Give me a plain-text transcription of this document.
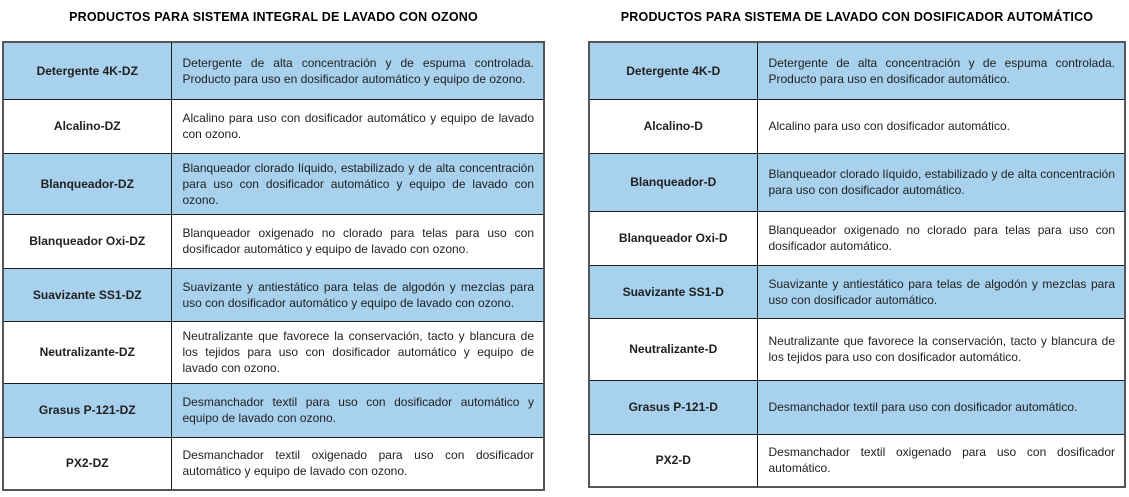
PRODUCTOS PARA SISTEMA INTEGRAL DE LAVADO CON OZONO
Detergente 4K-DZ	Detergente de alta concentración y de espuma controlada. Producto para uso en dosificador automático y equipo de ozono.
Alcalino-DZ	Alcalino para uso con dosificador automático y equipo de lavado con ozono.
Blanqueador-DZ	Blanqueador clorado líquido, estabilizado y de alta concentración para uso con dosificador automático y equipo de lavado con ozono.
Blanqueador Oxi-DZ	Blanqueador oxigenado no clorado para telas para uso con dosificador automático y equipo de lavado con ozono.
Suavizante SS1-DZ	Suavizante y antiestático para telas de algodón y mezclas para uso con dosificador automático y equipo de lavado con ozono.
Neutralizante-DZ	Neutralizante que favorece la conservación, tacto y blancura de los tejidos para uso con dosificador automático y equipo de lavado con ozono.
Grasus P-121-DZ	Desmanchador textil para uso con dosificador automático y equipo de lavado con ozono.
PX2-DZ	Desmanchador textil oxigenado para uso con dosificador automático y equipo de lavado con ozono.
PRODUCTOS PARA SISTEMA DE LAVADO CON DOSIFICADOR AUTOMÁTICO
Detergente 4K-D	Detergente de alta concentración y de espuma controlada. Producto para uso en dosificador automático.
Alcalino-D	Alcalino para uso con dosificador automático.
Blanqueador-D	Blanqueador clorado líquido, estabilizado y de alta concentración para uso con dosificador automático.
Blanqueador Oxi-D	Blanqueador oxigenado no clorado para telas para uso con dosificador automático.
Suavizante SS1-D	Suavizante y antiestático para telas de algodón y mezclas para uso con dosificador automático.
Neutralizante-D	Neutralizante que favorece la conservación, tacto y blancura de los tejidos para uso con dosificador automático.
Grasus P-121-D	Desmanchador textil para uso con dosificador automático.
PX2-D	Desmanchador textil oxigenado para uso con dosificador automático.
